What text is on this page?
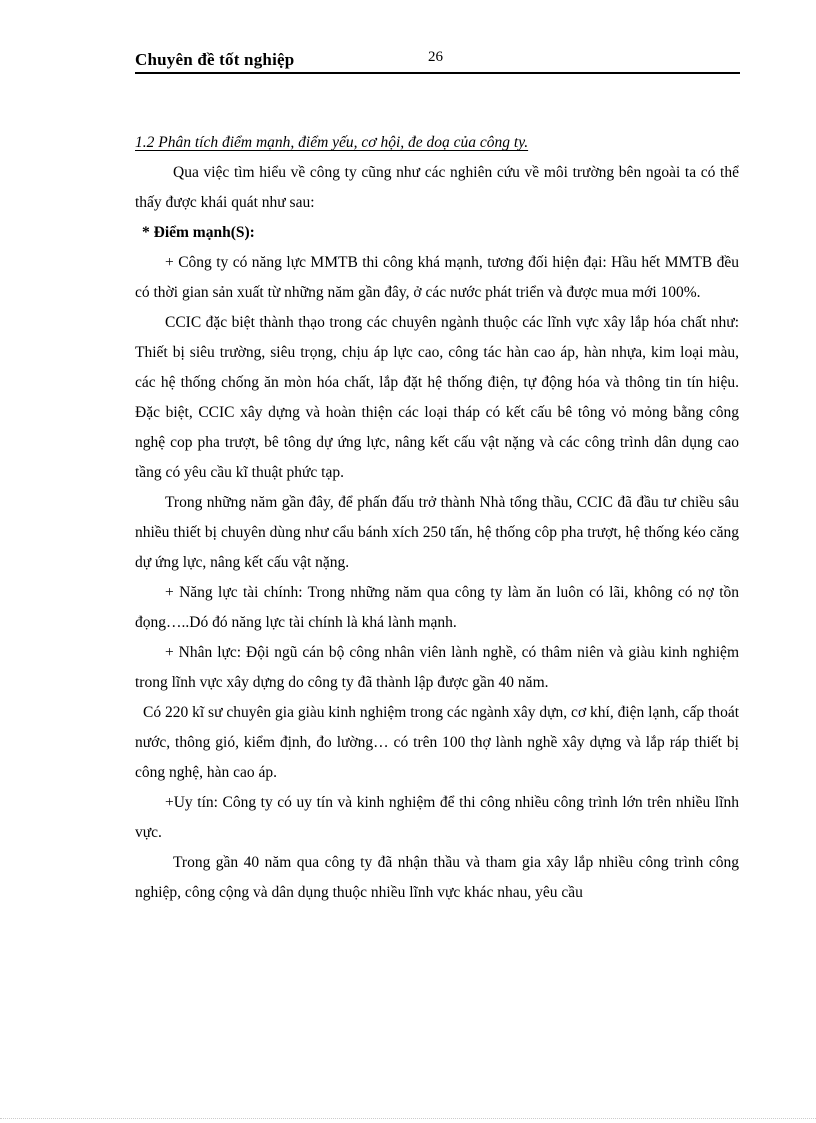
Chuyên đề tốt nghiệp	26

1.2 Phân tích điểm mạnh, điểm yếu, cơ hội, đe doạ của công ty.

Qua việc tìm hiểu về công ty cũng như các nghiên cứu về môi trường bên ngoài ta có thể thấy được khái quát như sau:

* Điểm mạnh(S):

+ Công ty có năng lực MMTB thi công khá mạnh, tương đối hiện đại: Hầu hết MMTB đều có thời gian sản xuất từ những năm gần đây, ở các nước phát triển và được mua mới 100%.

CCIC đặc biệt thành thạo trong các chuyên ngành thuộc các lĩnh vực xây lắp hóa chất như: Thiết bị siêu trường, siêu trọng, chịu áp lực cao, công tác hàn cao áp, hàn nhựa, kim loại màu, các hệ thống chống ăn mòn hóa chất, lắp đặt hệ thống điện, tự động hóa và thông tin tín hiệu. Đặc biệt, CCIC xây dựng và hoàn thiện các loại tháp có kết cấu bê tông vỏ mỏng bằng công nghệ cop pha trượt, bê tông dự ứng lực, nâng kết cấu vật nặng và các công trình dân dụng cao tầng có yêu cầu kĩ thuật phức tạp.

Trong những năm gần đây, để phấn đấu trở thành Nhà tổng thầu, CCIC đã đầu tư chiều sâu nhiều thiết bị chuyên dùng như cẩu bánh xích 250 tấn, hệ thống côp pha trượt, hệ thống kéo căng dự ứng lực, nâng kết cấu vật nặng.

+ Năng lực tài chính: Trong những năm qua công ty làm ăn luôn có lãi, không có nợ tồn đọng…..Dó đó năng lực tài chính là khá lành mạnh.

+ Nhân lực: Đội ngũ cán bộ công nhân viên lành nghề, có thâm niên và giàu kinh nghiệm trong lĩnh vực xây dựng do công ty đã thành lập được gần 40 năm.

Có 220 kĩ sư chuyên gia giàu kinh nghiệm trong các ngành xây dựn, cơ khí, điện lạnh, cấp thoát nước, thông gió, kiểm định, đo lường… có trên 100 thợ lành nghề xây dựng và lắp ráp thiết bị công nghệ, hàn cao áp.

+Uy tín: Công ty có uy tín và kinh nghiệm để thi công nhiều công trình lớn trên nhiều lĩnh vực.

Trong gần 40 năm qua công ty đã nhận thầu và tham gia xây lắp nhiều công trình công nghiệp, công cộng và dân dụng thuộc nhiều lĩnh vực khác nhau, yêu cầu
